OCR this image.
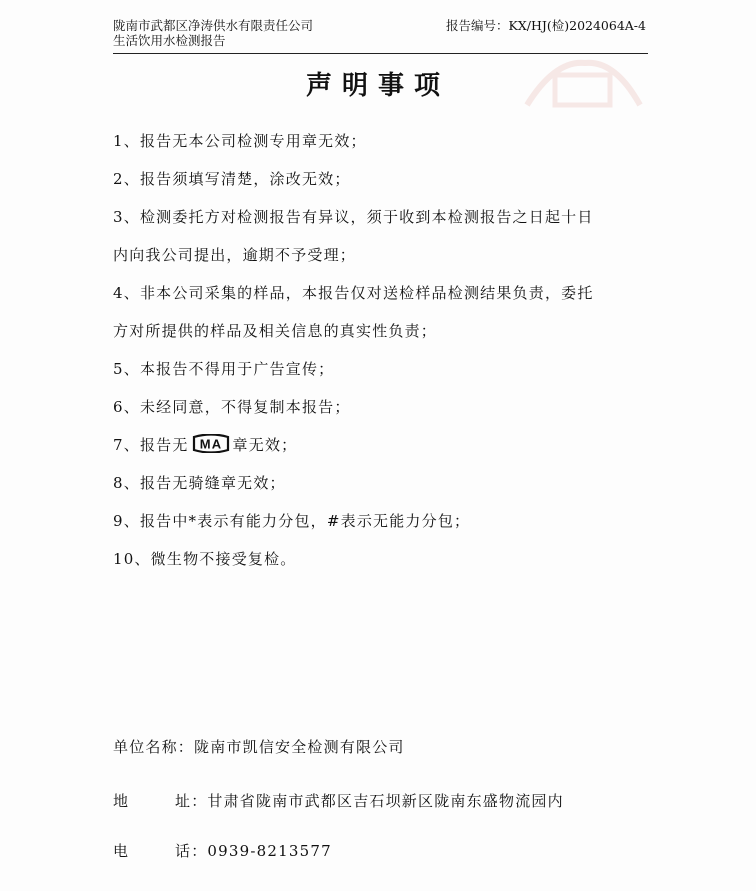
陇南市武都区净涛供水有限责任公司
生活饮用水检测报告
报告编号：KX/HJ(检)2024064A-4
声明事项
1、报告无本公司检测专用章无效；
2、报告须填写清楚，涂改无效；
3、检测委托方对检测报告有异议，须于收到本检测报告之日起十日
内向我公司提出，逾期不予受理；
4、非本公司采集的样品，本报告仅对送检样品检测结果负责，委托
方对所提供的样品及相关信息的真实性负责；
5、本报告不得用于广告宣传；
6、未经同意，不得复制本报告；
7、报告无 MA 章无效；
8、报告无骑缝章无效；
9、报告中*表示有能力分包，#表示无能力分包；
10、微生物不接受复检。
单位名称：陇南市凯信安全检测有限公司
地	址：甘肃省陇南市武都区吉石坝新区陇南东盛物流园内
电	话：0939-8213577
